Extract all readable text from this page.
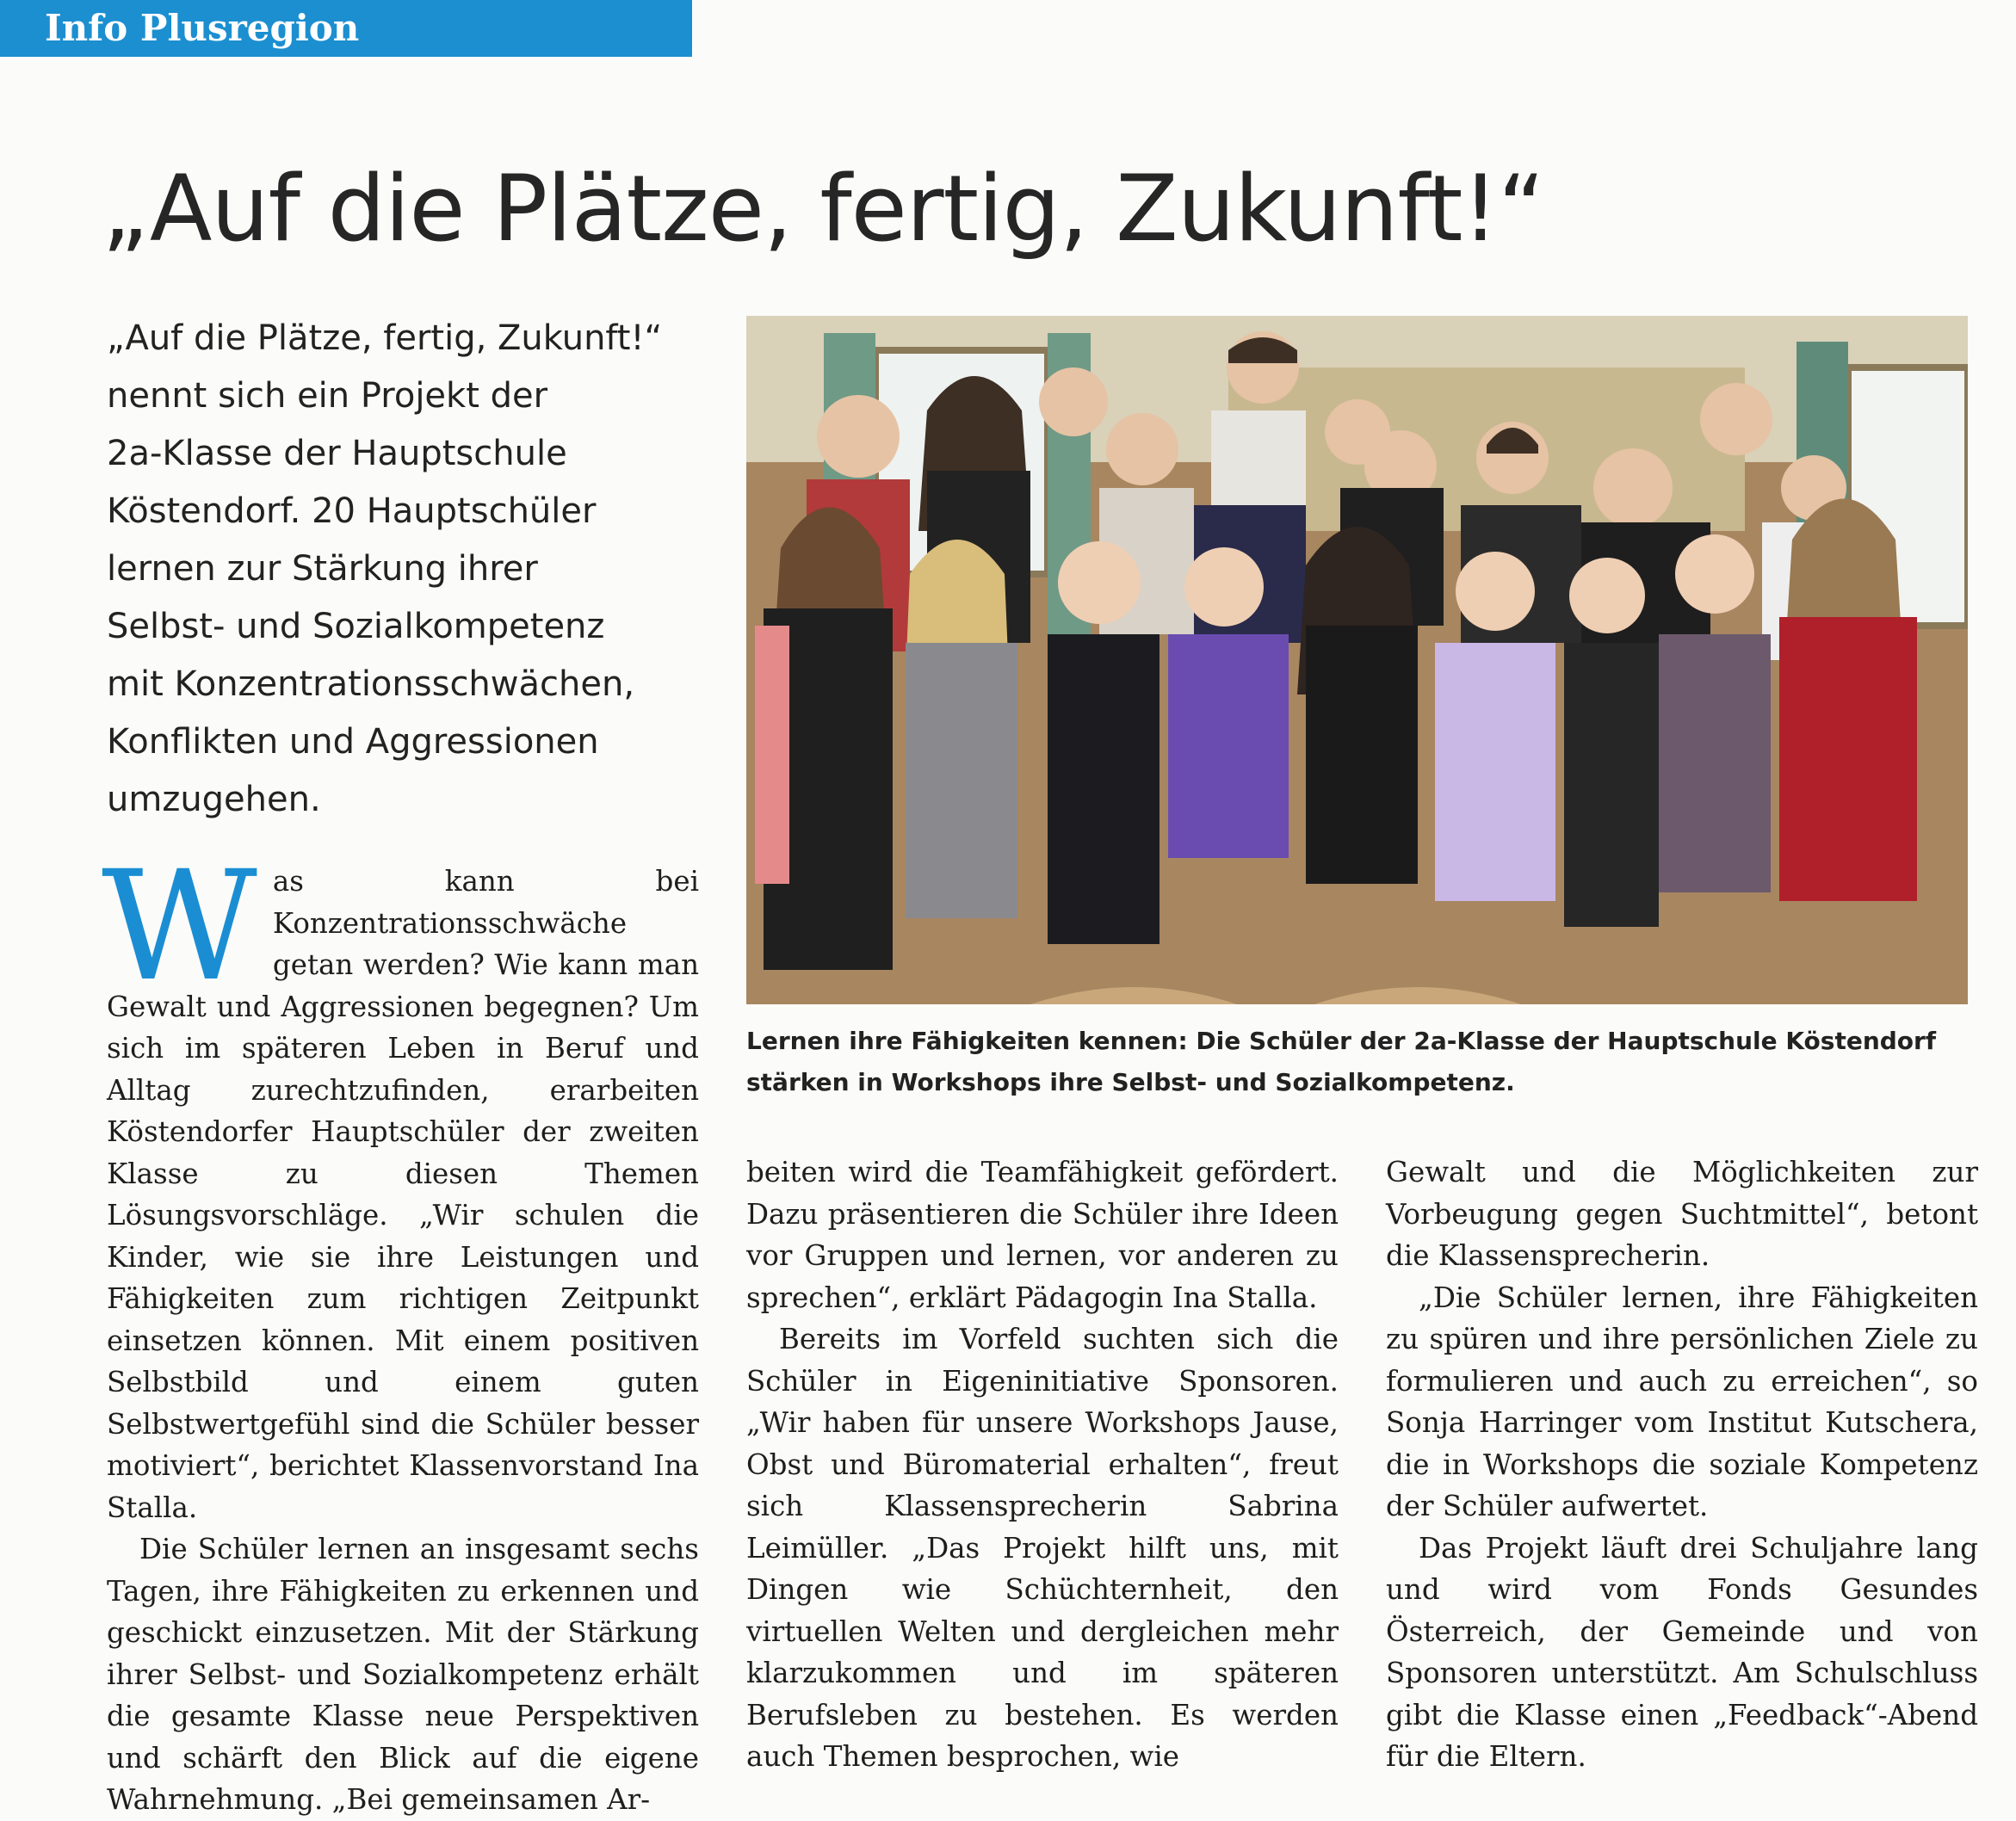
Info Plusregion
„Auf die Plätze, fertig, Zukunft!“
„Auf die Plätze, fertig, Zukunft!“
nennt sich ein Projekt der
2a-Klasse der Hauptschule
Köstendorf. 20 Hauptschüler
lernen zur Stärkung ihrer
Selbst- und Sozialkompetenz
mit Konzentrationsschwächen,
Konflikten und Aggressionen
umzugehen.
Lernen ihre Fähigkeiten kennen: Die Schüler der 2a-Klasse der Hauptschule Köstendorf
stärken in Workshops ihre Selbst- und Sozialkompetenz.

Was kann bei Konzentrationsschwäche getan werden? Wie kann man Gewalt und Aggressionen begegnen? Um sich im späteren Leben in Beruf und Alltag zurechtzufinden, erarbeiten Köstendorfer Hauptschüler der zweiten Klasse zu diesen Themen Lösungsvorschläge. „Wir schulen die Kinder, wie sie ihre Leistungen und Fähigkeiten zum richtigen Zeitpunkt einsetzen können. Mit einem positiven Selbstbild und einem guten Selbstwertgefühl sind die Schüler besser motiviert“, berichtet Klassenvorstand Ina Stalla.

Die Schüler lernen an insgesamt sechs Tagen, ihre Fähigkeiten zu erkennen und geschickt einzusetzen. Mit der Stärkung ihrer Selbst- und Sozialkompetenz erhält die gesamte Klasse neue Perspektiven und schärft den Blick auf die eigene Wahrnehmung. „Bei gemeinsamen Ar-

beiten wird die Teamfähigkeit gefördert. Dazu präsentieren die Schüler ihre Ideen vor Gruppen und lernen, vor anderen zu sprechen“, erklärt Pädagogin Ina Stalla.

Bereits im Vorfeld suchten sich die Schüler in Eigeninitiative Sponsoren. „Wir haben für unsere Workshops Jause, Obst und Büromaterial erhalten“, freut sich Klassensprecherin Sabrina Leimüller. „Das Projekt hilft uns, mit Dingen wie Schüchternheit, den virtuellen Welten und dergleichen mehr klarzukommen und im späteren Berufsleben zu bestehen. Es werden auch Themen besprochen, wie

Gewalt und die Möglichkeiten zur Vorbeugung gegen Suchtmittel“, betont die Klassensprecherin.

„Die Schüler lernen, ihre Fähigkeiten zu spüren und ihre persönlichen Ziele zu formulieren und auch zu erreichen“, so Sonja Harringer vom Institut Kutschera, die in Workshops die soziale Kompetenz der Schüler aufwertet.

Das Projekt läuft drei Schuljahre lang und wird vom Fonds Gesundes Österreich, der Gemeinde und von Sponsoren unterstützt. Am Schulschluss gibt die Klasse einen „Feedback“-Abend für die Eltern.
